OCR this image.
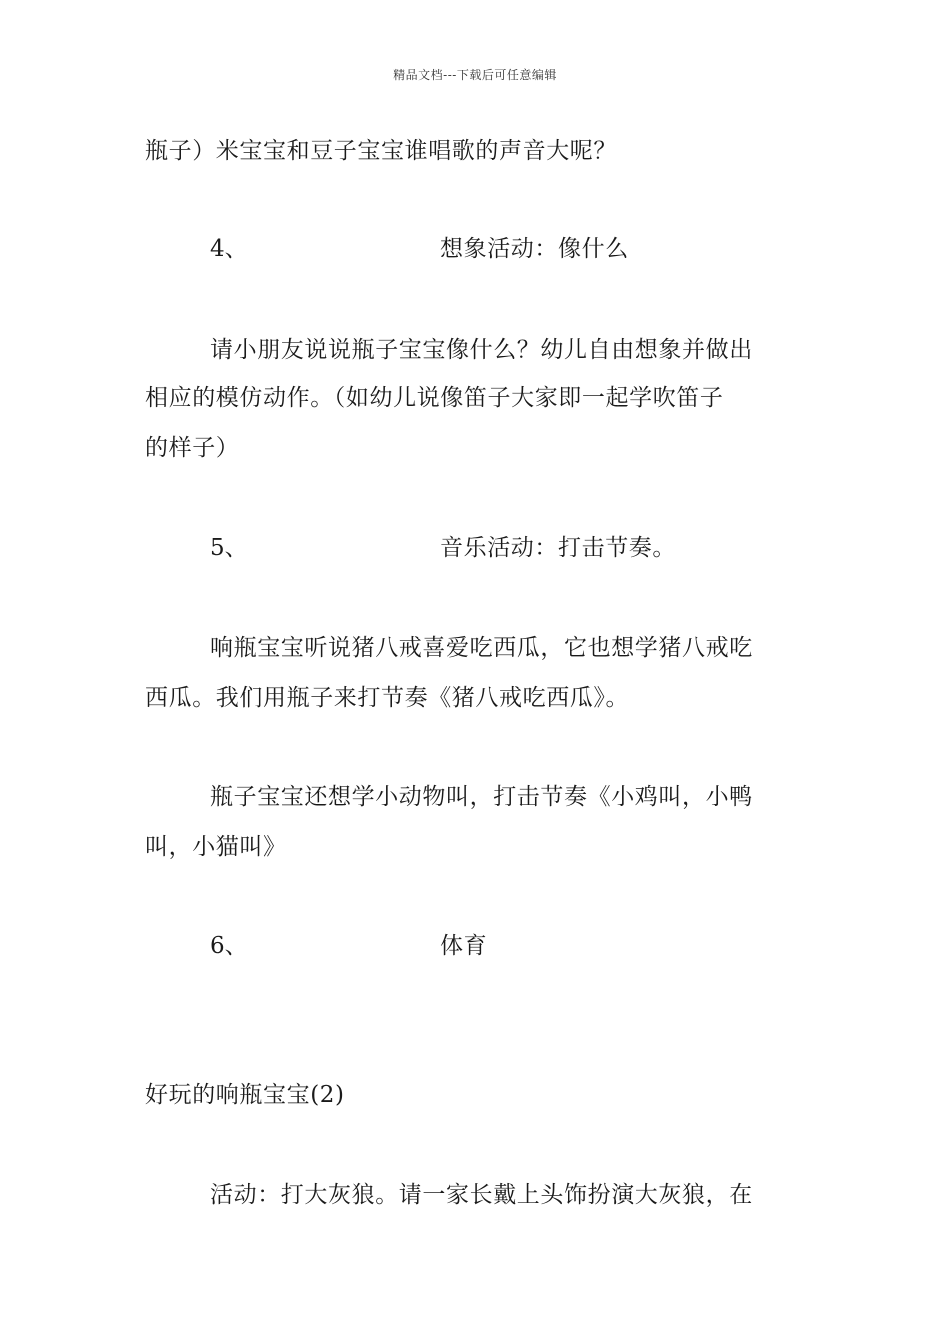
精品文档---下载后可任意编辑
瓶子）米宝宝和豆子宝宝谁唱歌的声音大呢？
4、	想象活动：像什么
请小朋友说说瓶子宝宝像什么？幼儿自由想象并做出
相应的模仿动作。（如幼儿说像笛子大家即一起学吹笛子
的样子）
5、	音乐活动：打击节奏。
响瓶宝宝听说猪八戒喜爱吃西瓜，它也想学猪八戒吃
西瓜。我们用瓶子来打节奏《猪八戒吃西瓜》。
瓶子宝宝还想学小动物叫，打击节奏《小鸡叫，小鸭
叫，小猫叫》
6、	体育
好玩的响瓶宝宝(2)
活动：打大灰狼。请一家长戴上头饰扮演大灰狼，在
